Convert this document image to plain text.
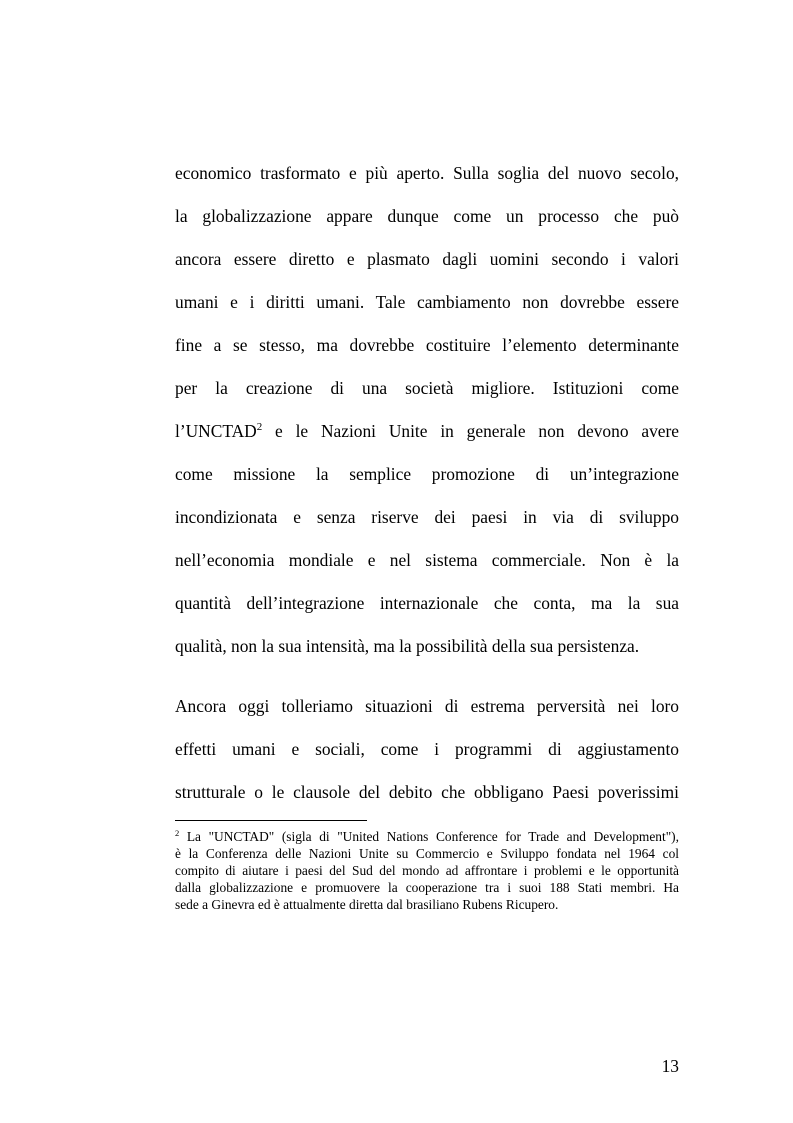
economico trasformato e più aperto. Sulla soglia del nuovo secolo,
la globalizzazione appare dunque come un processo che può
ancora essere diretto e plasmato dagli uomini secondo i valori
umani e i diritti umani. Tale cambiamento non dovrebbe essere
fine a se stesso, ma dovrebbe costituire l’elemento determinante
per la creazione di una società migliore. Istituzioni come
l’UNCTAD$^2$ e le Nazioni Unite in generale non devono avere
come missione la semplice promozione di un’integrazione
incondizionata e senza riserve dei paesi in via di sviluppo
nell’economia mondiale e nel sistema commerciale. Non è la
quantità dell’integrazione internazionale che conta, ma la sua
qualità, non la sua intensità, ma la possibilità della sua persistenza.
Ancora oggi tolleriamo situazioni di estrema perversità nei loro
effetti umani e sociali, come i programmi di aggiustamento
strutturale o le clausole del debito che obbligano Paesi poverissimi
$^2$ La "UNCTAD" (sigla di "United Nations Conference for Trade and Development"),
è la Conferenza delle Nazioni Unite su Commercio e Sviluppo fondata nel 1964 col
compito di aiutare i paesi del Sud del mondo ad affrontare i problemi e le opportunità
dalla globalizzazione e promuovere la cooperazione tra i suoi 188 Stati membri. Ha
sede a Ginevra ed è attualmente diretta dal brasiliano Rubens Ricupero.
13
